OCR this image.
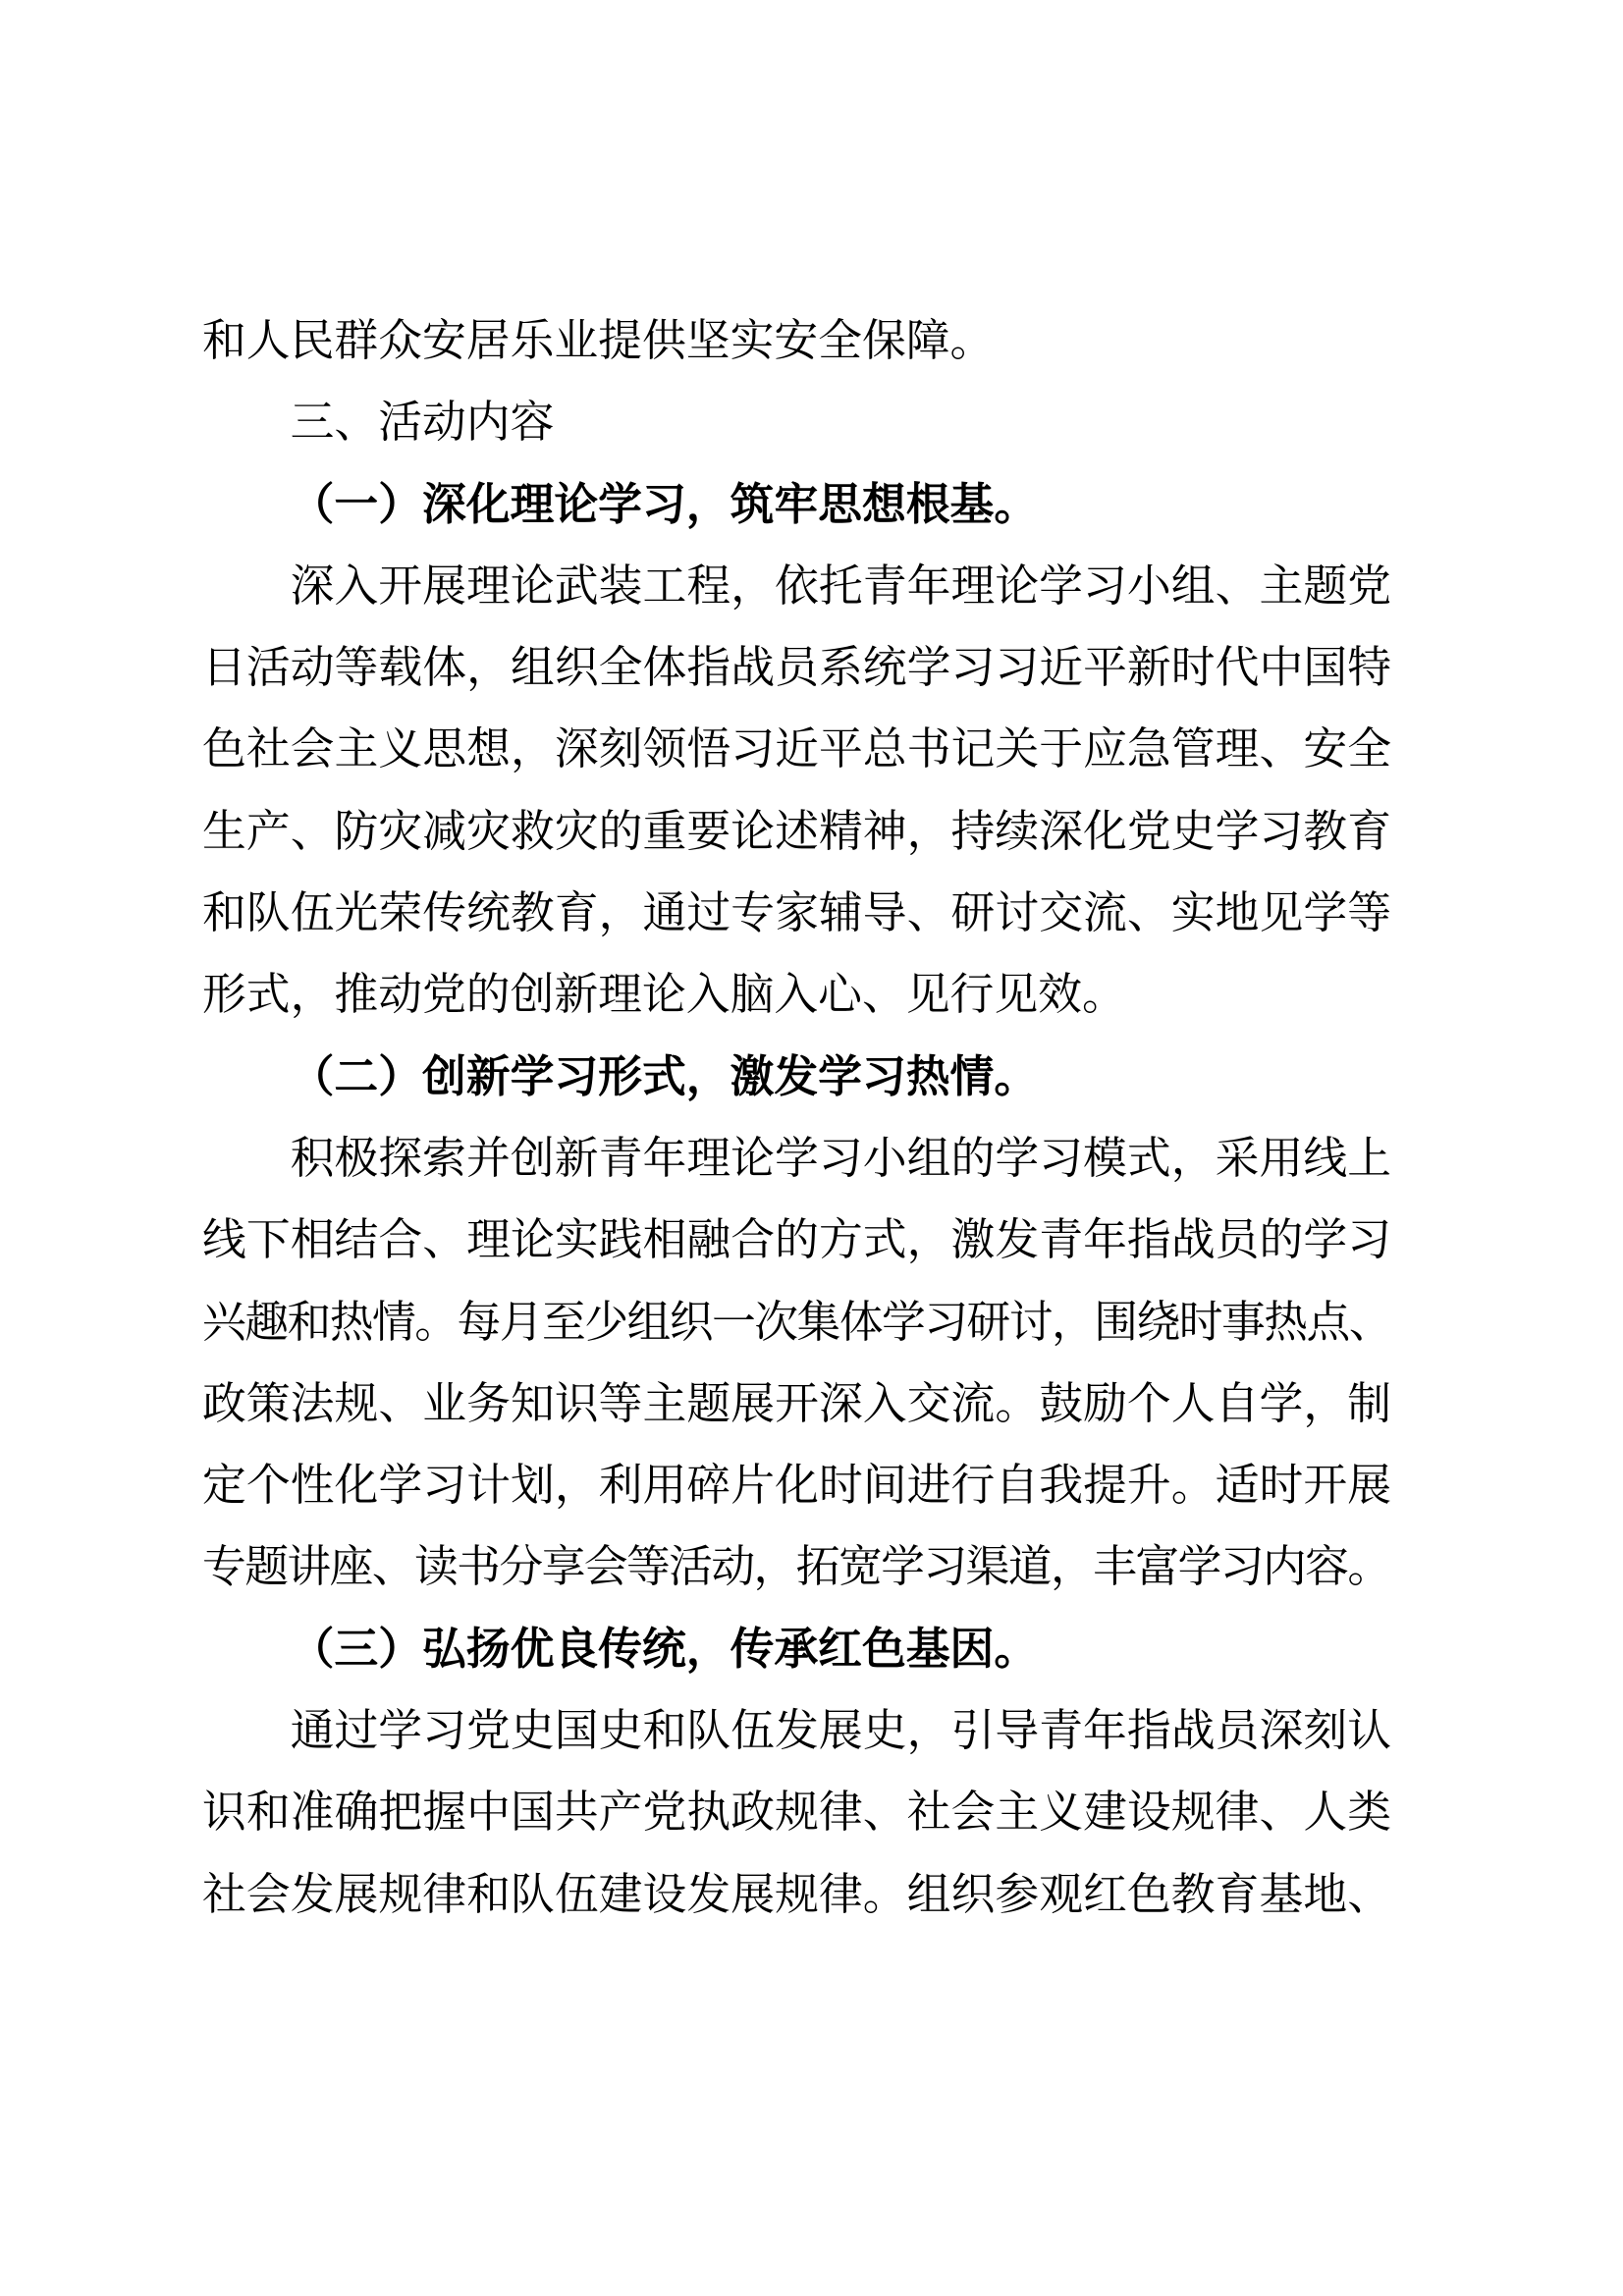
和人民群众安居乐业提供坚实安全保障。
三、活动内容
（一）深化理论学习，筑牢思想根基。
深入开展理论武装工程，依托青年理论学习小组、主题党
日活动等载体，组织全体指战员系统学习习近平新时代中国特
色社会主义思想，深刻领悟习近平总书记关于应急管理、安全
生产、防灾减灾救灾的重要论述精神，持续深化党史学习教育
和队伍光荣传统教育，通过专家辅导、研讨交流、实地见学等
形式，推动党的创新理论入脑入心、见行见效。
（二）创新学习形式，激发学习热情。
积极探索并创新青年理论学习小组的学习模式，采用线上
线下相结合、理论实践相融合的方式，激发青年指战员的学习
兴趣和热情。每月至少组织一次集体学习研讨，围绕时事热点、
政策法规、业务知识等主题展开深入交流。鼓励个人自学，制
定个性化学习计划，利用碎片化时间进行自我提升。适时开展
专题讲座、读书分享会等活动，拓宽学习渠道，丰富学习内容。
（三）弘扬优良传统，传承红色基因。
通过学习党史国史和队伍发展史，引导青年指战员深刻认
识和准确把握中国共产党执政规律、社会主义建设规律、人类
社会发展规律和队伍建设发展规律。组织参观红色教育基地、
